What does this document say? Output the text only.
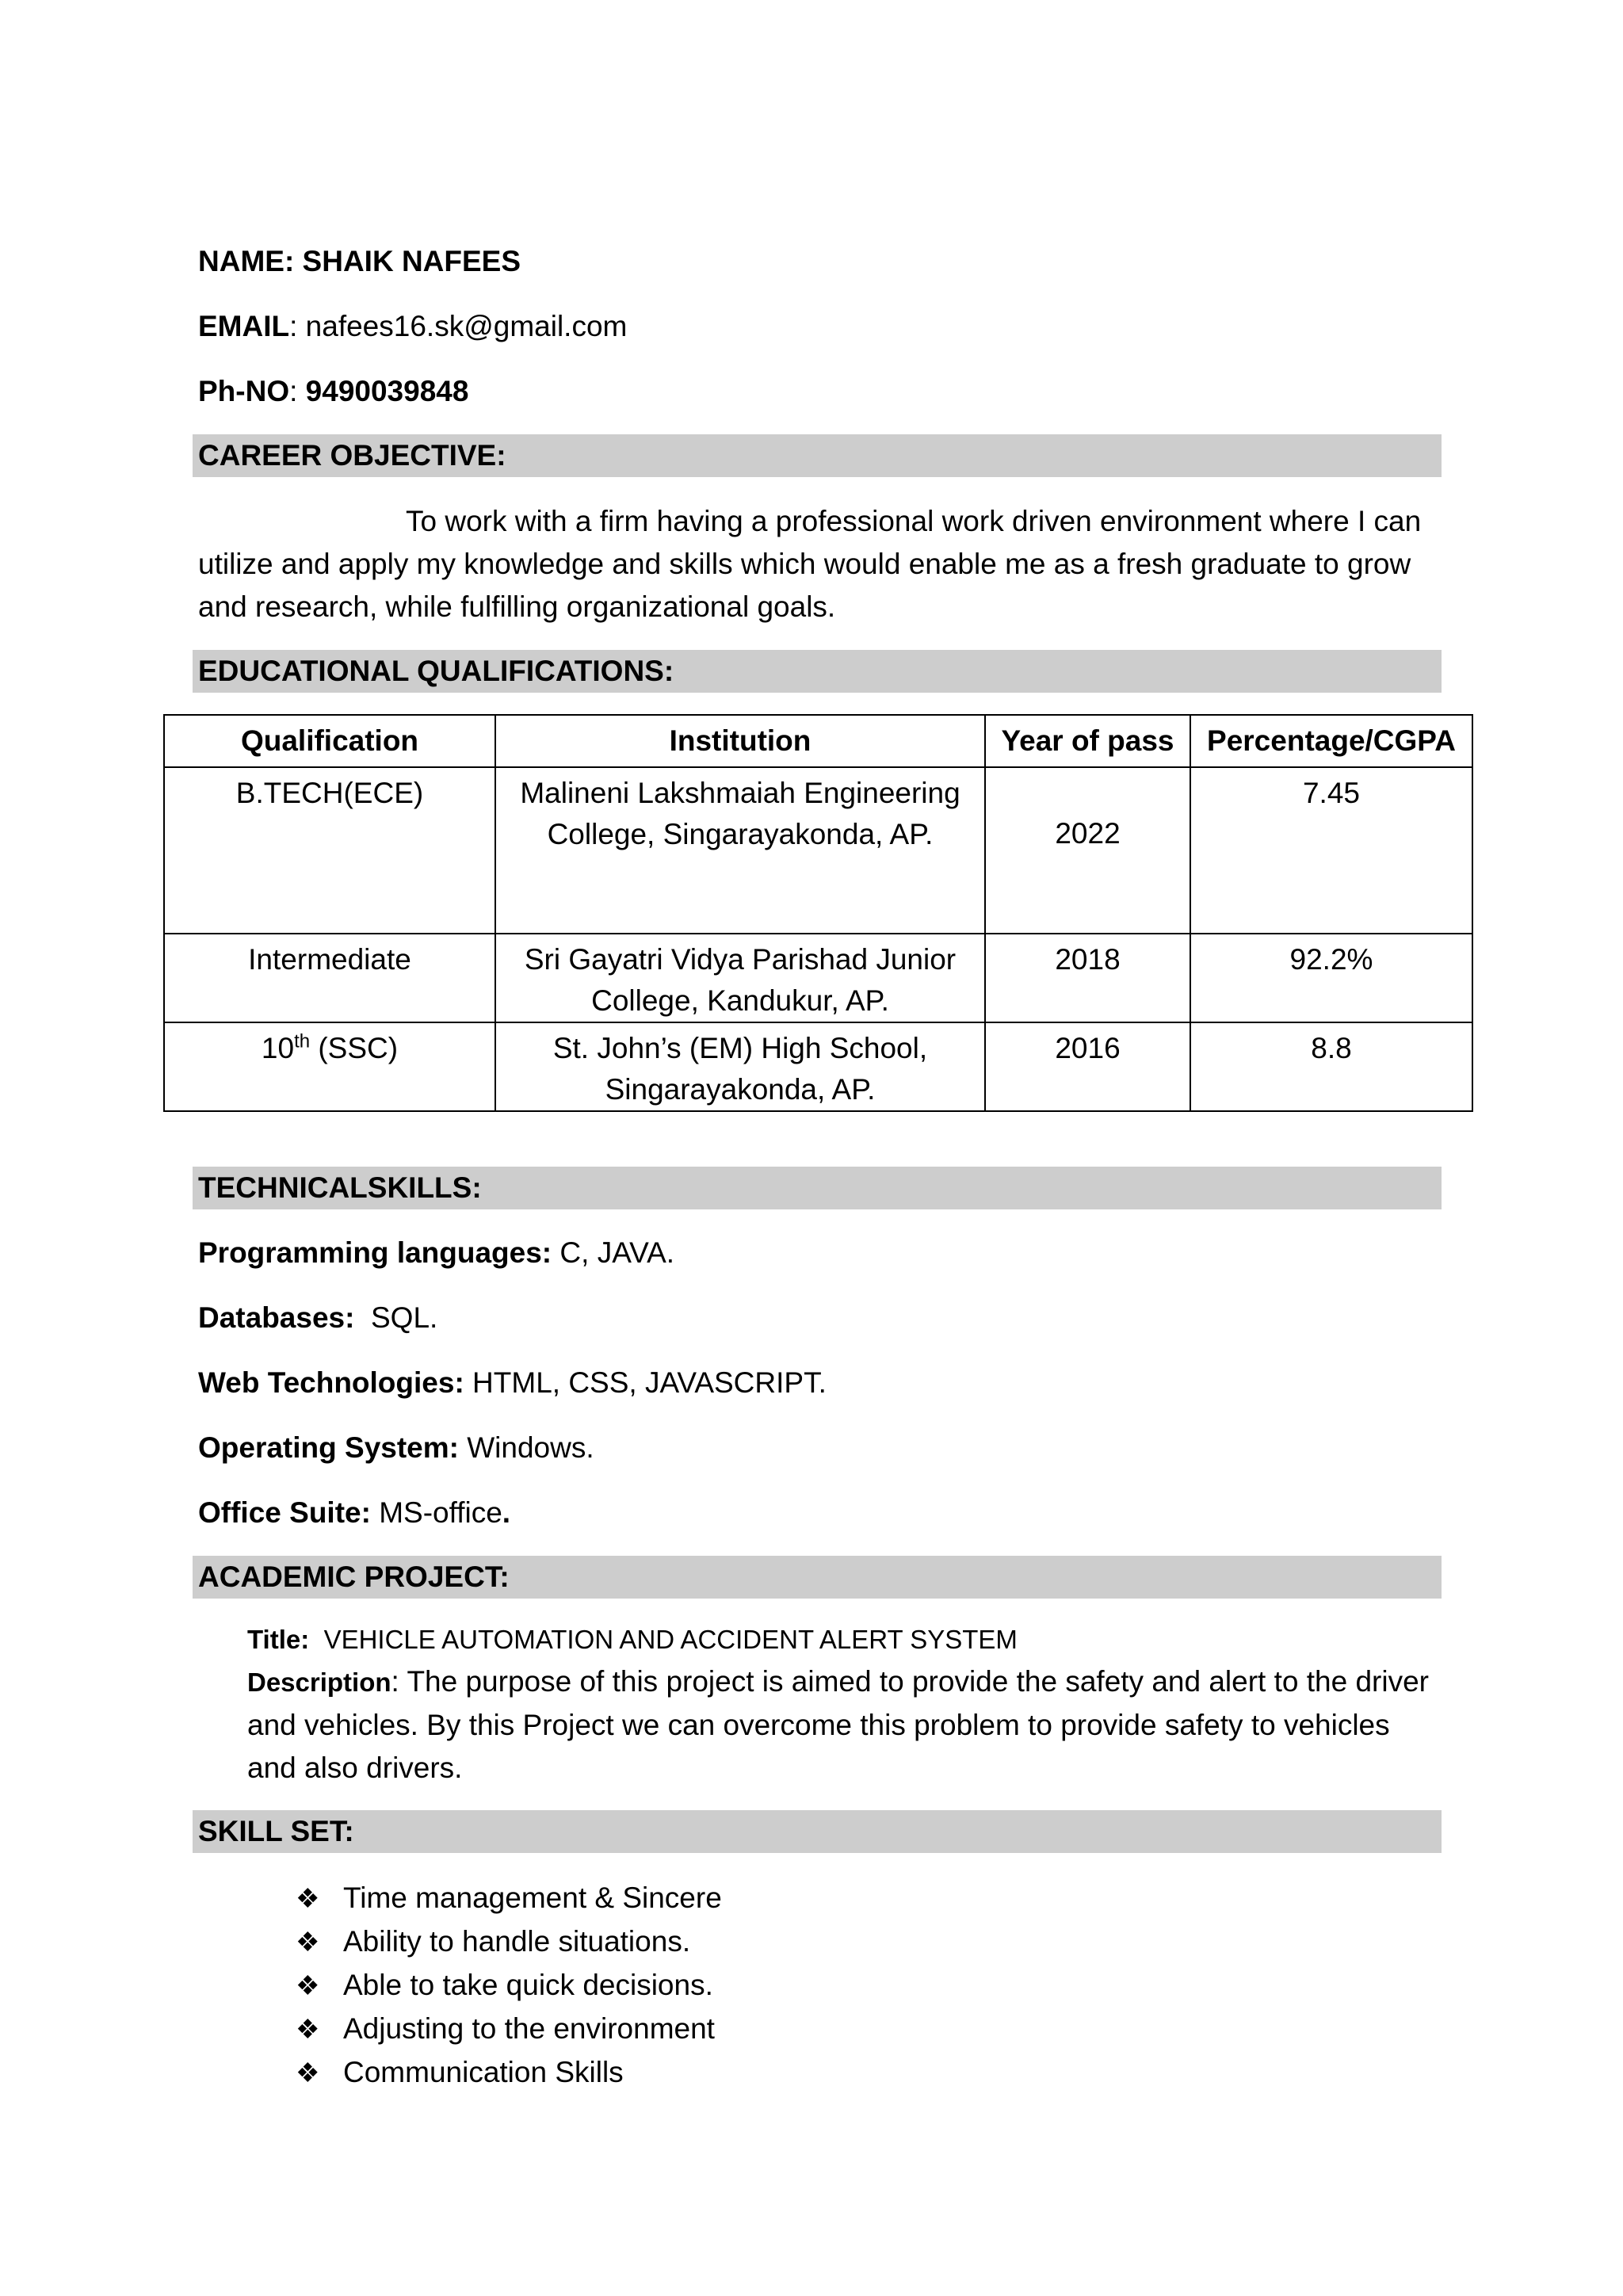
NAME: SHAIK NAFEES
EMAIL: nafees16.sk@gmail.com
Ph-NO: 9490039848
CAREER OBJECTIVE:
To work with a firm having a professional work driven environment where I can utilize and apply my knowledge and skills which would enable me as a fresh graduate to grow and research, while fulfilling organizational goals.
EDUCATIONAL QUALIFICATIONS:
Qualification	Institution	Year of pass	Percentage/CGPA
B.TECH(ECE)	Malineni Lakshmaiah Engineering College, Singarayakonda, AP.	2022	7.45
Intermediate	Sri Gayatri Vidya Parishad Junior College, Kandukur, AP.	2018	92.2%
10th (SSC)	St. John’s (EM) High School, Singarayakonda, AP.	2016	8.8
TECHNICALSKILLS:
Programming languages: C, JAVA.
Databases:  SQL.
Web Technologies: HTML, CSS, JAVASCRIPT.
Operating System: Windows.
Office Suite: MS-office.
ACADEMIC PROJECT:
Title:  VEHICLE AUTOMATION AND ACCIDENT ALERT SYSTEM
Description: The purpose of this project is aimed to provide the safety and alert to the driver and vehicles. By this Project we can overcome this problem to provide safety to vehicles and also drivers.
SKILL SET:
❖ Time management & Sincere
❖ Ability to handle situations.
❖ Able to take quick decisions.
❖ Adjusting to the environment
❖ Communication Skills
